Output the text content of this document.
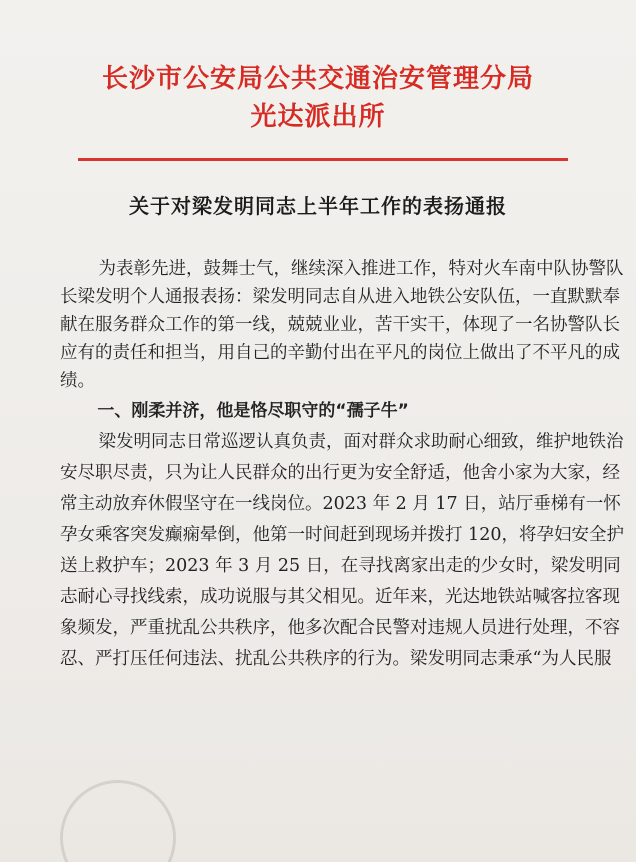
长沙市公安局公共交通治安管理分局
光达派出所
关于对梁发明同志上半年工作的表扬通报

为表彰先进，鼓舞士气，继续深入推进工作，特对火车南中队协警队长梁发明个人通报表扬：梁发明同志自从进入地铁公安队伍，一直默默奉献在服务群众工作的第一线，兢兢业业，苦干实干，体现了一名协警队长应有的责任和担当，用自己的辛勤付出在平凡的岗位上做出了不平凡的成绩。

一、刚柔并济，他是恪尽职守的“孺子牛”

梁发明同志日常巡逻认真负责，面对群众求助耐心细致，维护地铁治安尽职尽责，只为让人民群众的出行更为安全舒适，他舍小家为大家，经常主动放弃休假坚守在一线岗位。2023 年 2 月 17 日，站厅垂梯有一怀孕女乘客突发癫痫晕倒，他第一时间赶到现场并拨打 120，将孕妇安全护送上救护车；2023 年 3 月 25 日，在寻找离家出走的少女时，梁发明同志耐心寻找线索，成功说服与其父相见。近年来，光达地铁站喊客拉客现象频发，严重扰乱公共秩序，他多次配合民警对违规人员进行处理，不容忍、严打压任何违法、扰乱公共秩序的行为。梁发明同志秉承“为人民服
